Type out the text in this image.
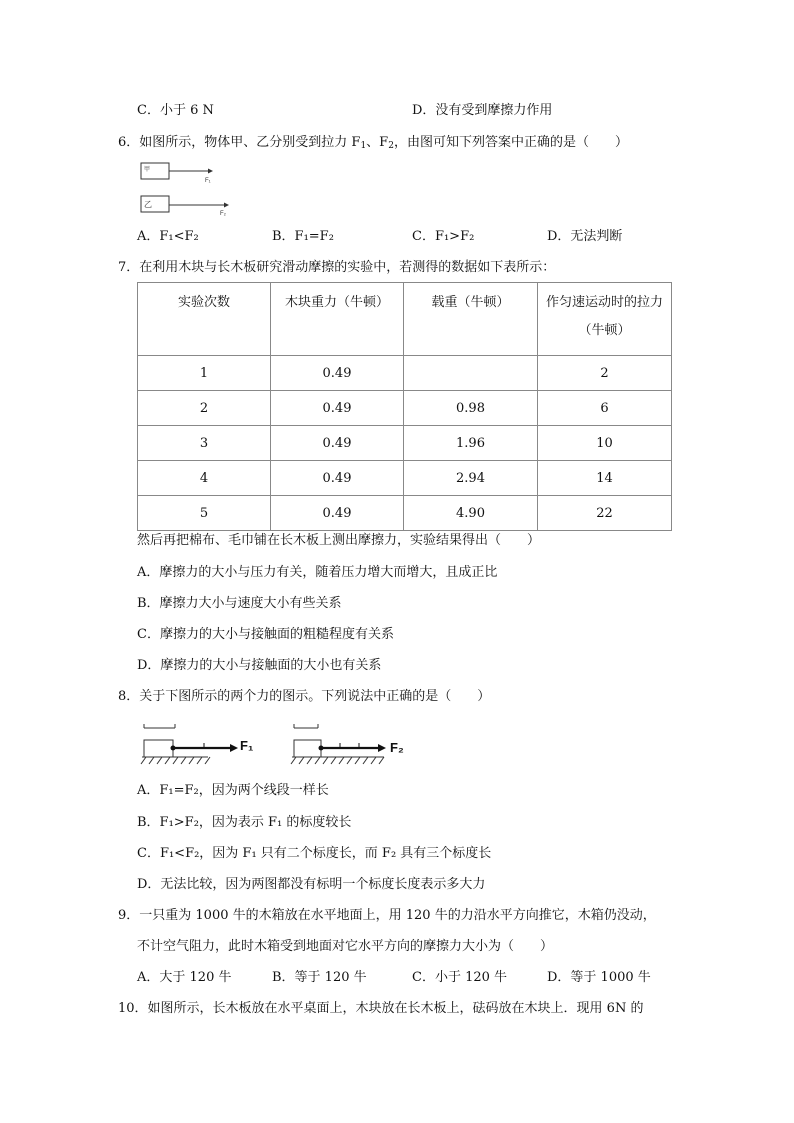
C．小于 6 N	D．没有受到摩擦力作用
6．如图所示，物体甲、乙分别受到拉力 $F_1$、$F_2$，由图可知下列答案中正确的是（　　）
甲
F₁
乙
F₂
A．F₁<F₂	B．F₁=F₂	C．F₁>F₂	D．无法判断
7．在利用木块与长木板研究滑动摩擦的实验中，若测得的数据如下表所示：
实验次数	木块重力（牛顿）	载重（牛顿）	作匀速运动时的拉力（牛顿）
1	0.49		2
2	0.49	0.98	6
3	0.49	1.96	10
4	0.49	2.94	14
5	0.49	4.90	22
然后再把棉布、毛巾铺在长木板上测出摩擦力，实验结果得出（　　）
A．摩擦力的大小与压力有关，随着压力增大而增大，且成正比
B．摩擦力大小与速度大小有些关系
C．摩擦力的大小与接触面的粗糙程度有关系
D．摩擦力的大小与接触面的大小也有关系
8．关于下图所示的两个力的图示。下列说法中正确的是（　　）
F₁	F₂
A．F₁=F₂，因为两个线段一样长
B．F₁>F₂，因为表示 F₁ 的标度较长
C．F₁<F₂，因为 F₁ 只有二个标度长，而 F₂ 具有三个标度长
D．无法比较，因为两图都没有标明一个标度长度表示多大力
9．一只重为 1000 牛的木箱放在水平地面上，用 120 牛的力沿水平方向推它，木箱仍没动，
不计空气阻力，此时木箱受到地面对它水平方向的摩擦力大小为（　　）
A．大于 120 牛	B．等于 120 牛	C．小于 120 牛	D．等于 1000 牛
10．如图所示，长木板放在水平桌面上，木块放在长木板上，砝码放在木块上．现用 6N 的
